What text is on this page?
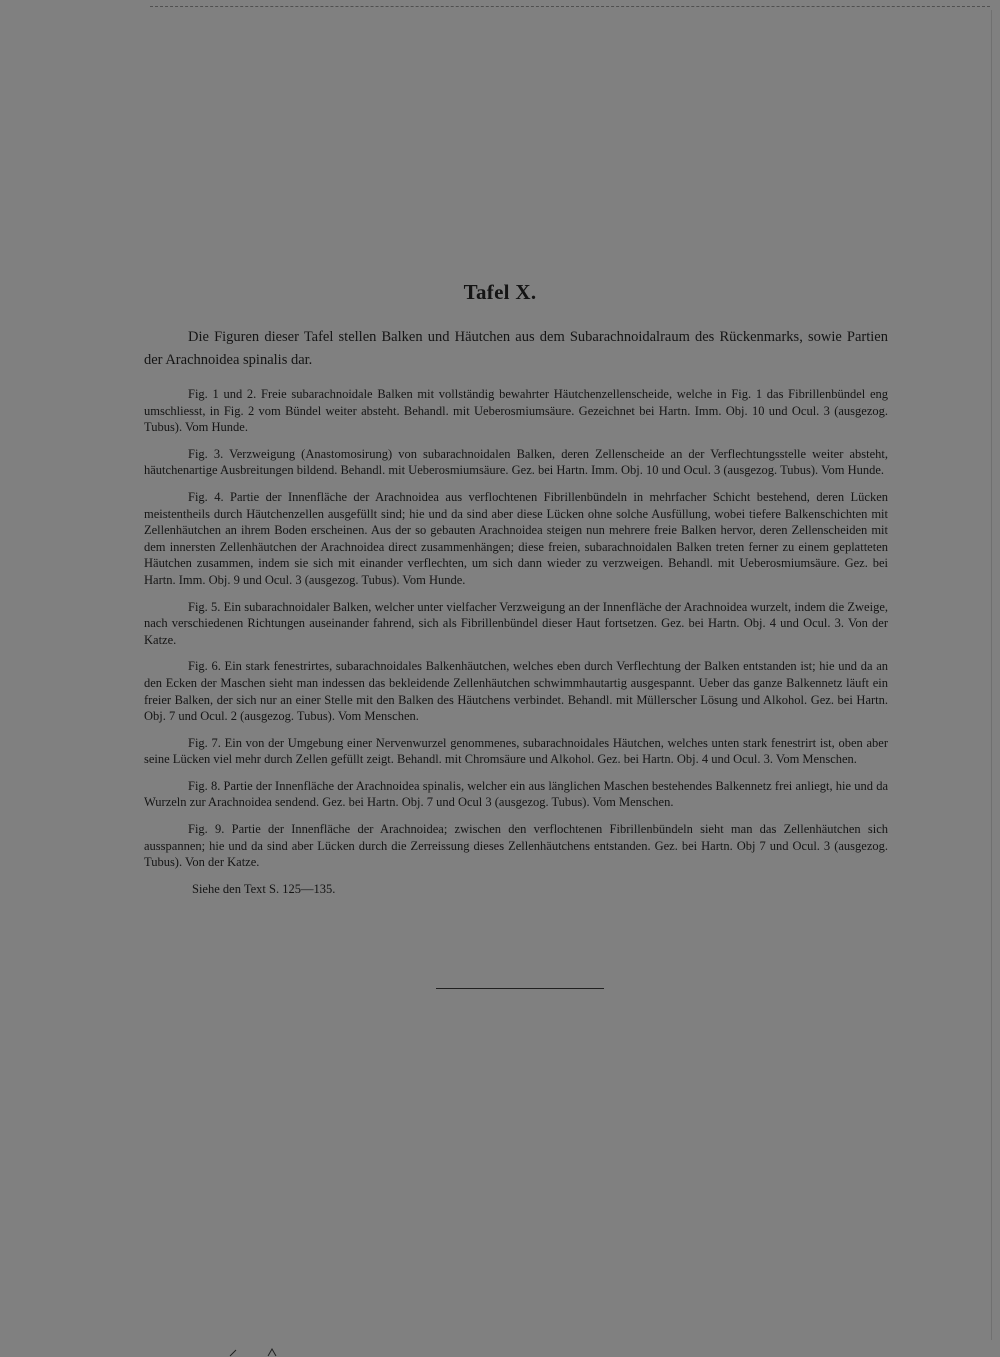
Tafel X.

Die Figuren dieser Tafel stellen Balken und Häutchen aus dem Subarachnoidalraum des Rückenmarks, sowie Partien der Arachnoidea spinalis dar.

Fig. 1 und 2. Freie subarachnoidale Balken mit vollständig bewahrter Häutchenzellenscheide, welche in Fig. 1 das Fibrillenbündel eng umschliesst, in Fig. 2 vom Bündel weiter absteht. Behandl. mit Ueberosmiumsäure. Gezeichnet bei Hartn. Imm. Obj. 10 und Ocul. 3 (ausgezog. Tubus). Vom Hunde.

Fig. 3. Verzweigung (Anastomosirung) von subarachnoidalen Balken, deren Zellenscheide an der Verflechtungsstelle weiter absteht, häutchenartige Ausbreitungen bildend. Behandl. mit Ueberosmiumsäure. Gez. bei Hartn. Imm. Obj. 10 und Ocul. 3 (ausgezog. Tubus). Vom Hunde.

Fig. 4. Partie der Innenfläche der Arachnoidea aus verflochtenen Fibrillenbündeln in mehrfacher Schicht bestehend, deren Lücken meistentheils durch Häutchenzellen ausgefüllt sind; hie und da sind aber diese Lücken ohne solche Ausfüllung, wobei tiefere Balkenschichten mit Zellenhäutchen an ihrem Boden erscheinen. Aus der so gebauten Arachnoidea steigen nun mehrere freie Balken hervor, deren Zellenscheiden mit dem innersten Zellenhäutchen der Arachnoidea direct zusammenhängen; diese freien, subarachnoidalen Balken treten ferner zu einem geplatteten Häutchen zusammen, indem sie sich mit einander verflechten, um sich dann wieder zu verzweigen. Behandl. mit Ueberosmiumsäure. Gez. bei Hartn. Imm. Obj. 9 und Ocul. 3 (ausgezog. Tubus). Vom Hunde.

Fig. 5. Ein subarachnoidaler Balken, welcher unter vielfacher Verzweigung an der Innenfläche der Arachnoidea wurzelt, indem die Zweige, nach verschiedenen Richtungen auseinander fahrend, sich als Fibrillenbündel dieser Haut fortsetzen. Gez. bei Hartn. Obj. 4 und Ocul. 3. Von der Katze.

Fig. 6. Ein stark fenestrirtes, subarachnoidales Balkenhäutchen, welches eben durch Verflechtung der Balken entstanden ist; hie und da an den Ecken der Maschen sieht man indessen das bekleidende Zellenhäutchen schwimmhautartig ausgespannt. Ueber das ganze Balkennetz läuft ein freier Balken, der sich nur an einer Stelle mit den Balken des Häutchens verbindet. Behandl. mit Müllerscher Lösung und Alkohol. Gez. bei Hartn. Obj. 7 und Ocul. 2 (ausgezog. Tubus). Vom Menschen.

Fig. 7. Ein von der Umgebung einer Nervenwurzel genommenes, subarachnoidales Häutchen, welches unten stark fenestrirt ist, oben aber seine Lücken viel mehr durch Zellen gefüllt zeigt. Behandl. mit Chromsäure und Alkohol. Gez. bei Hartn. Obj. 4 und Ocul. 3. Vom Menschen.

Fig. 8. Partie der Innenfläche der Arachnoidea spinalis, welcher ein aus länglichen Maschen bestehendes Balkennetz frei anliegt, hie und da Wurzeln zur Arachnoidea sendend. Gez. bei Hartn. Obj. 7 und Ocul 3 (ausgezog. Tubus). Vom Menschen.

Fig. 9. Partie der Innenfläche der Arachnoidea; zwischen den verflochtenen Fibrillenbündeln sieht man das Zellenhäutchen sich ausspannen; hie und da sind aber Lücken durch die Zerreissung dieses Zellenhäutchens entstanden. Gez. bei Hartn. Obj 7 und Ocul. 3 (ausgezog. Tubus). Von der Katze.

Siehe den Text S. 125—135.
